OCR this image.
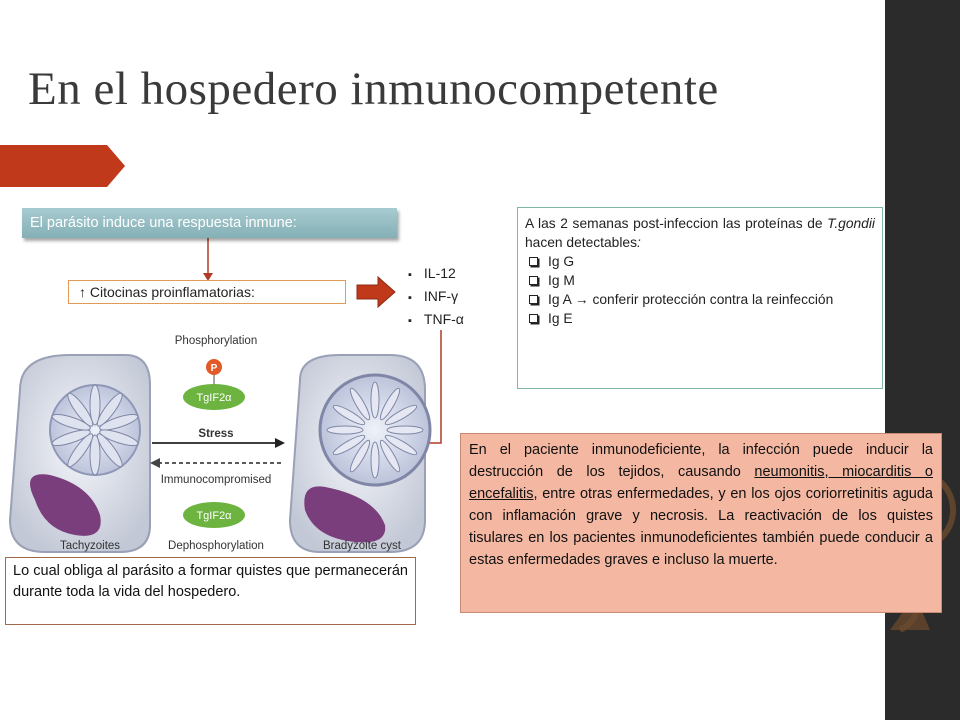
En el hospedero inmunocompetente
El parásito induce una respuesta inmune:
↑ Citocinas proinflamatorias:
▪ IL-12
▪ INF-γ
▪ TNF-α
A las 2 semanas post-infeccion las proteínas de T.gondii hacen detectables:
Ig G
Ig M
Ig A → conferir protección contra la reinfección
Ig E
Phosphorylation
P
TgIF2α
Stress
Immunocompromised
TgIF2α
Dephosphorylation
Tachyzoites	Bradyzoite cyst
En el paciente inmunodeficiente, la infección puede inducir la destrucción de los tejidos, causando neumonitis, miocarditis o encefalitis, entre otras enfermedades, y en los ojos coriorretinitis aguda con inflamación grave y necrosis. La reactivación de los quistes tisulares en los pacientes inmunodeficientes también puede conducir a estas enfermedades graves e incluso la muerte.
Lo cual obliga al parásito a formar quistes que permanecerán durante toda la vida del hospedero.
